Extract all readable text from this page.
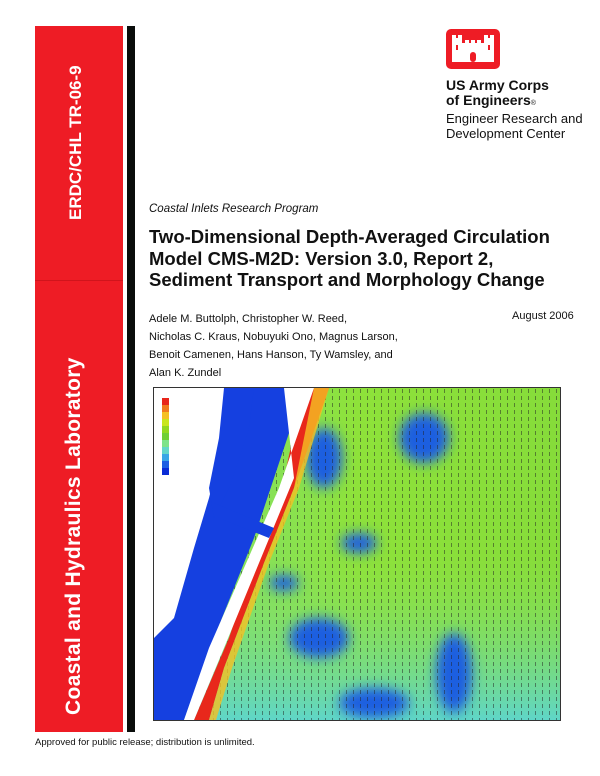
ERDC/CHL TR-06-9
Coastal and Hydraulics Laboratory
US Army Corps
of Engineers®
Engineer Research and
Development Center
Coastal Inlets Research Program
Two-Dimensional Depth-Averaged Circulation
Model CMS-M2D: Version 3.0, Report 2,
Sediment Transport and Morphology Change
Adele M. Buttolph, Christopher W. Reed,
Nicholas C. Kraus, Nobuyuki Ono, Magnus Larson,
Benoit Camenen, Hans Hanson, Ty Wamsley, and
Alan K. Zundel
August 2006
Approved for public release; distribution is unlimited.
